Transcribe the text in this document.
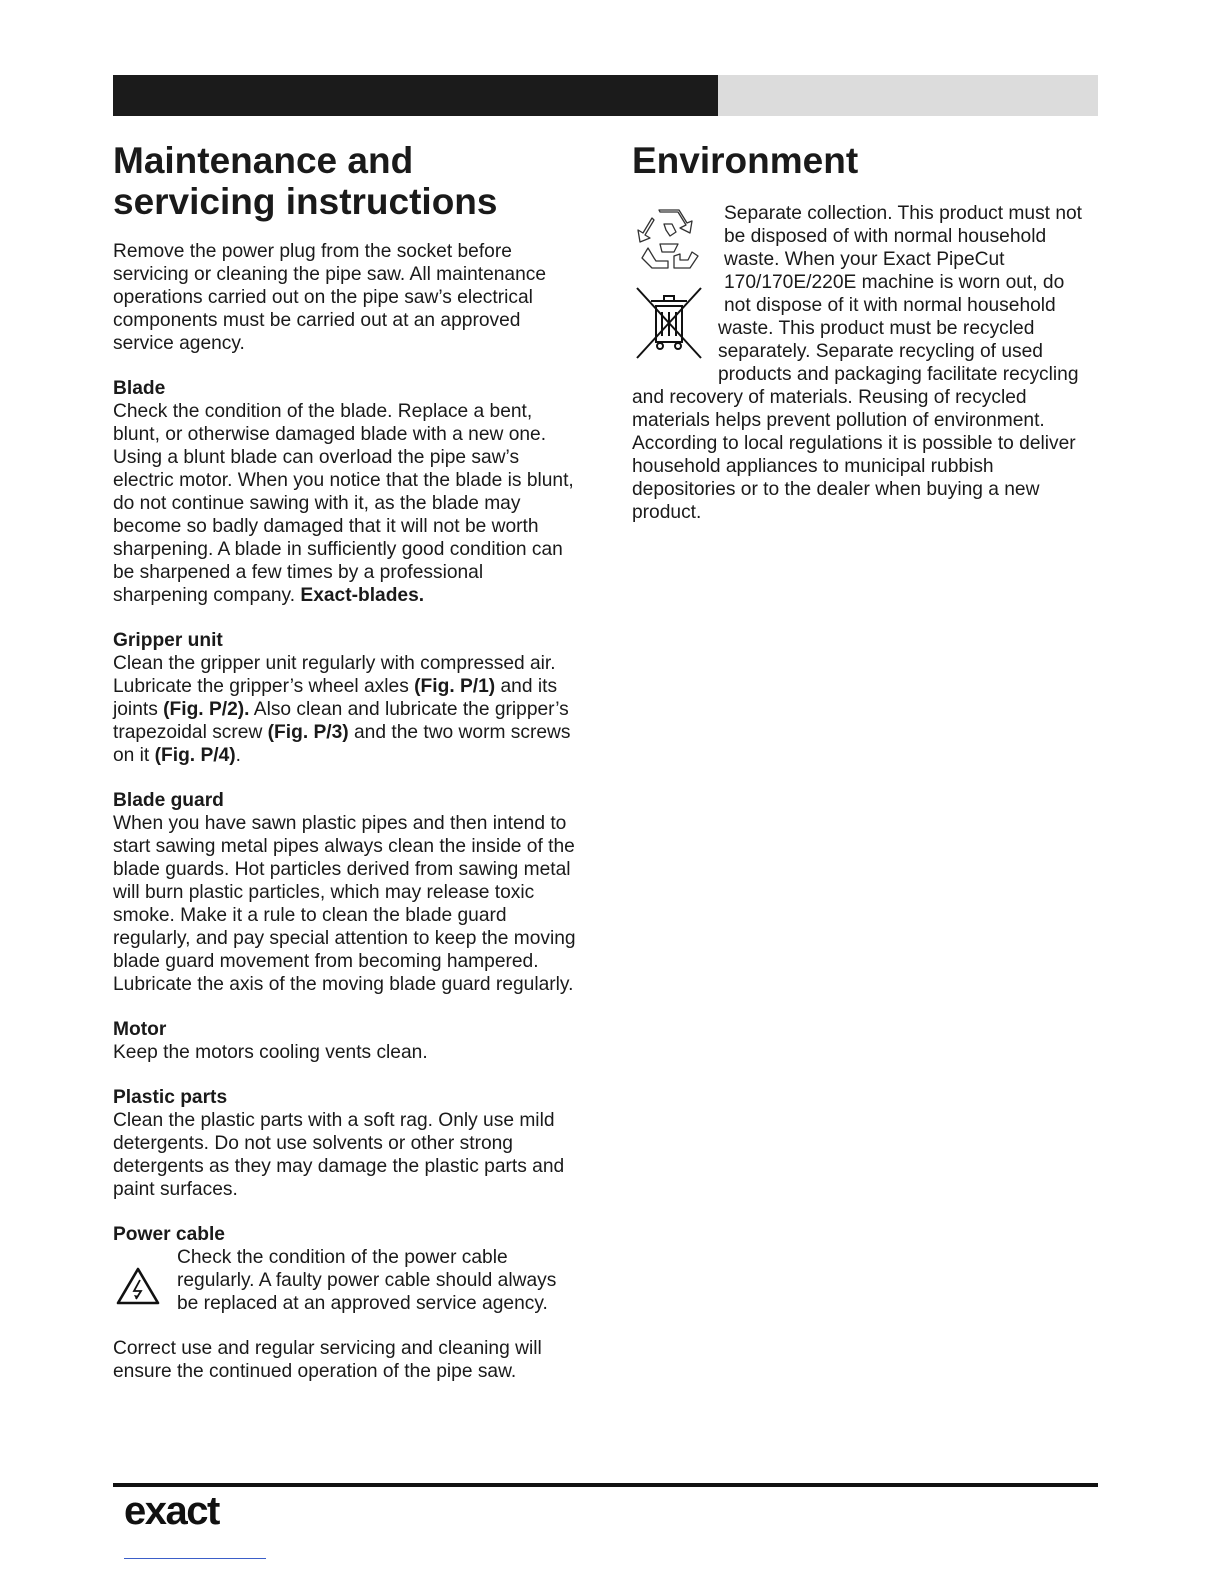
Maintenance and servicing instructions

Remove the power plug from the socket before servicing or cleaning the pipe saw. All maintenance operations carried out on the pipe saw’s electrical components must be carried out at an approved service agency.

Blade

Check the condition of the blade. Replace a bent, blunt, or otherwise damaged blade with a new one. Using a blunt blade can overload the pipe saw’s electric motor. When you notice that the blade is blunt, do not continue sawing with it, as the blade may become so badly damaged that it will not be worth sharpening. A blade in sufficiently good condition can be sharpened a few times by a professional sharpening company. Exact-blades.

Gripper unit

Clean the gripper unit regularly with compressed air. Lubricate the gripper’s wheel axles (Fig. P/1) and its joints (Fig. P/2). Also clean and lubricate the gripper’s trapezoidal screw (Fig. P/3) and the two worm screws on it (Fig. P/4).

Blade guard

When you have sawn plastic pipes and then intend to start sawing metal pipes always clean the inside of the blade guards. Hot particles derived from sawing metal will burn plastic particles, which may release toxic smoke. Make it a rule to clean the blade guard regularly, and pay special attention to keep the moving blade guard movement from becoming hampered. Lubricate the axis of the moving blade guard regularly.

Motor

Keep the motors cooling vents clean.

Plastic parts

Clean the plastic parts with a soft rag. Only use mild detergents. Do not use solvents or other strong detergents as they may damage the plastic parts and paint surfaces.

Power cable

Check the condition of the power cable regularly. A faulty power cable should always be replaced at an approved service agency.

Correct use and regular servicing and cleaning will ensure the continued operation of the pipe saw.

Environment

Separate collection. This product must not

be disposed of with normal household

waste. When your Exact PipeCut

170/170E/220E machine is worn out, do

not dispose of it with normal household

waste. This product must be recycled

separately. Separate recycling of used

products and packaging facilitate recycling

and recovery of materials. Reusing of recycled

materials helps prevent pollution of environment.

According to local regulations it is possible to deliver

household appliances to municipal rubbish

depositories or to the dealer when buying a new

product.

exact
